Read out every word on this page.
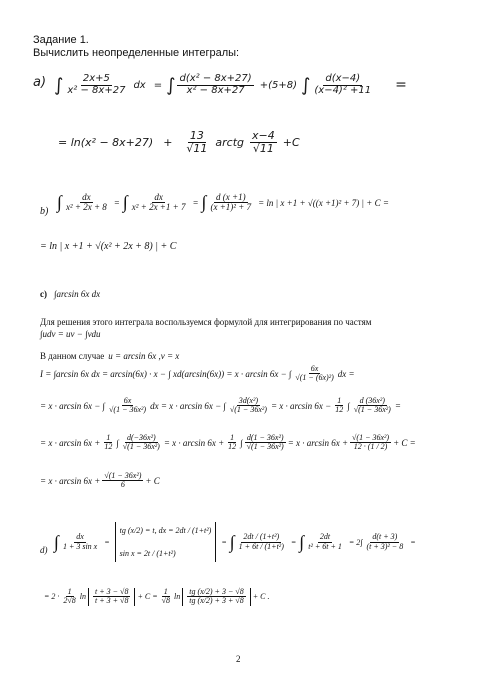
Задание 1.
Вычислить неопределенные интегралы:
a) ∫ $\frac{2x+5}{\text{x² − 8x+27}}$ dx = ∫ $\frac{\text{d(x² − 8x+27)}}{\text{x² − 8x+27}} +(5+8)$ ∫ $\frac{d(x-4)}{\text{(x−4)² +11}}$ =
= $\ln(x^2 - 8x+27) + \frac{13}{√11}$ arctg $\frac{x-4}{√11} +C$
b) ∫ $\frac{dx}{\text{x² + 2x + 8}}$ = ∫ $\frac{dx}{\text{x² + 2x +1 + 7}}$ = ∫ $\frac{d (x +1)}{\text{(x +1)² + 7}} = \ln$ | x +1 + √((x +1)² + 7) | + C =
= ln | x +1 + √(x² + 2x + 8) | + C
c) ∫arcsin 6x dx
Для решения этого интеграла воспользуемся формулой для интегрирования по частям
∫udv = uv − ∫vdu
В данном случае u = arcsin 6x ,v = x
I = ∫arcsin 6x dx = arcsin(6x) · x − ∫ xd(arcsin(6x)) = x · arcsin 6x − ∫ $\frac{6x}{\text{√(1 − (6x)²)}}$ dx =
= x · arcsin 6x − ∫ $\frac{6x}{\text{√(1 − 36x²)}}$ dx = x · arcsin 6x − ∫ $\frac{\text{3d(x²)}}{\text{√(1 − 36x²)}} = x \cdot \arcsin 6x - \frac{1}{12}$ ∫ $\frac{\text{d (36x²)}}{\text{√(1 − 36x²)}}$ =
= $x \cdot \arcsin 6x + \frac{1}{12}$ ∫ $\frac{\text{d(−36x²)}}{\text{√(1 − 36x²)}} = x \cdot \arcsin 6x + \frac{1}{12}$ ∫ $\frac{\text{d(1 − 36x²)}}{\text{√(1 − 36x²)}} = x \cdot \arcsin 6x + \frac{\text{√(1 − 36x²)}}{12 \cdot (1 / 2)} + C$ =
= $x \cdot \arcsin 6x + \frac{\text{√(1 − 36x²)}}{6} + C$
d) ∫ $\frac{dx}{\text{1 + 3 sin x}}$ =
tg (x/2) = t, dx = 2dt / (1+t²)
sin x = 2t / (1+t²)
= ∫ $\frac{\text{2dt / (1+t²)}}{\text{1 + 6t / (1+t²)}}$ = ∫ $\frac{2dt}{\text{t² + 6t + 1}} = 2\int \frac{d(t + 3)}{\text{(t + 3)² − 8}}$ =
= $2 \cdot \frac{1}{2√8}$ $\ln \frac{t + 3 - √8}{t + 3 + √8} + C = \frac{1}{√8}$ $\ln \frac{tg (x/2) + 3 - √8}{tg (x/2) + 3 + √8} + C$ .
2
